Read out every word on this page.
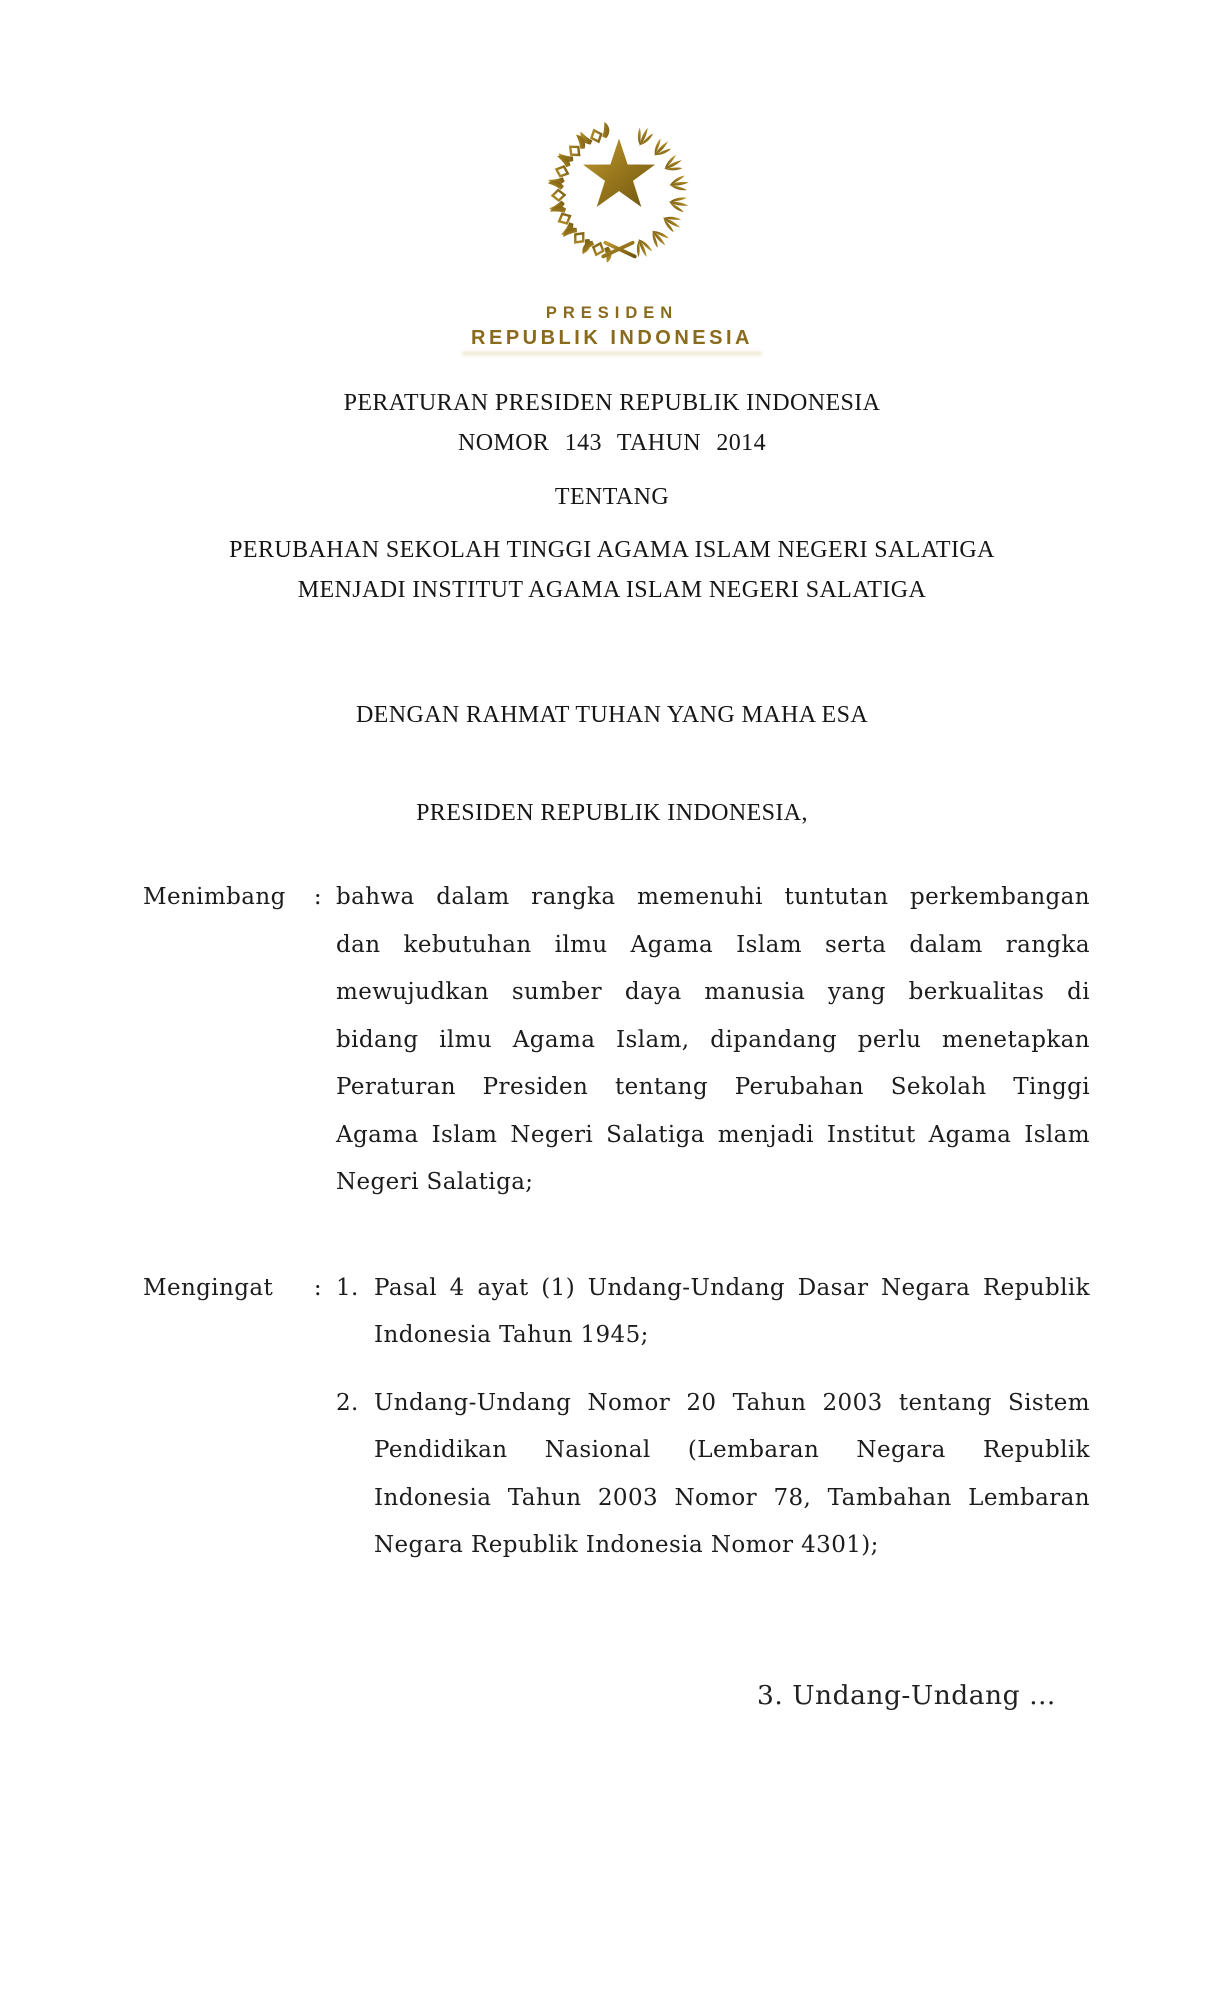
PRESIDEN
REPUBLIK INDONESIA
PERATURAN PRESIDEN REPUBLIK INDONESIA
NOMOR 143 TAHUN 2014
TENTANG
PERUBAHAN SEKOLAH TINGGI AGAMA ISLAM NEGERI SALATIGA
MENJADI INSTITUT AGAMA ISLAM NEGERI SALATIGA
DENGAN RAHMAT TUHAN YANG MAHA ESA
PRESIDEN REPUBLIK INDONESIA,
Menimbang	: bahwa dalam rangka memenuhi tuntutan perkembangan
dan kebutuhan ilmu Agama Islam serta dalam rangka
mewujudkan sumber daya manusia yang berkualitas di
bidang ilmu Agama Islam, dipandang perlu menetapkan
Peraturan Presiden tentang Perubahan Sekolah Tinggi
Agama Islam Negeri Salatiga menjadi Institut Agama Islam
Negeri Salatiga;
Mengingat	: 1. Pasal 4 ayat (1) Undang-Undang Dasar Negara Republik
Indonesia Tahun 1945;
2. Undang-Undang Nomor 20 Tahun 2003 tentang Sistem
Pendidikan Nasional (Lembaran Negara Republik
Indonesia Tahun 2003 Nomor 78, Tambahan Lembaran
Negara Republik Indonesia Nomor 4301);
3. Undang-Undang …
